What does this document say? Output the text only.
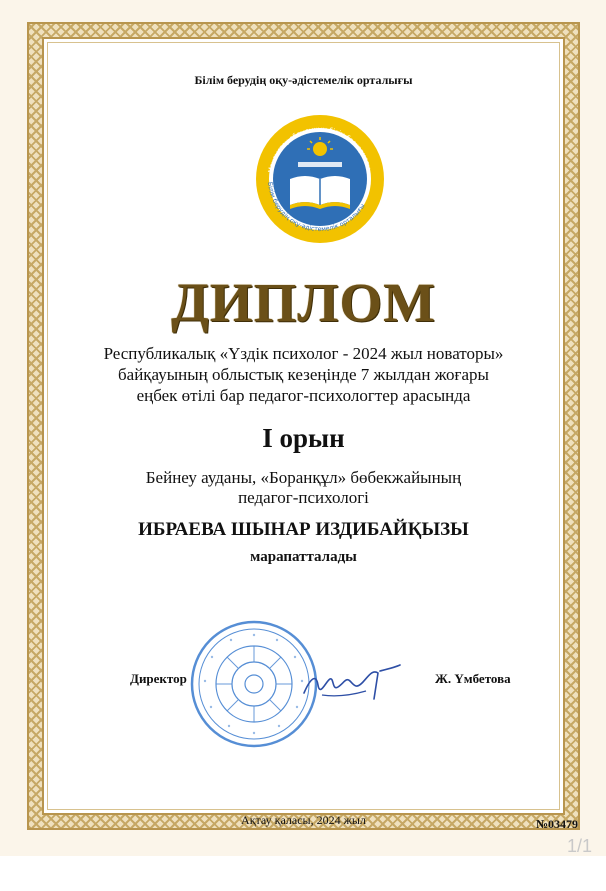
Білім берудің оқу-әдістемелік орталығы
Маңғыстау облысының білім басқармасы
Білім берудің оқу-әдістемелік орталығы
ДИПЛОМ
Республикалық «Үздік психолог - 2024 жыл новаторы»
байқауының облыстық кезеңінде 7 жылдан жоғары
еңбек өтілі бар педагог-психологтер арасында
I орын
Бейнеу ауданы, «Боранқұл» бөбекжайының
педагог-психологі
ИБРАЕВА ШЫНАР ИЗДИБАЙҚЫЗЫ
марапатталады
Директор	Ж. Үмбетова
Ақтау қаласы, 2024 жыл	№03479
1/1
